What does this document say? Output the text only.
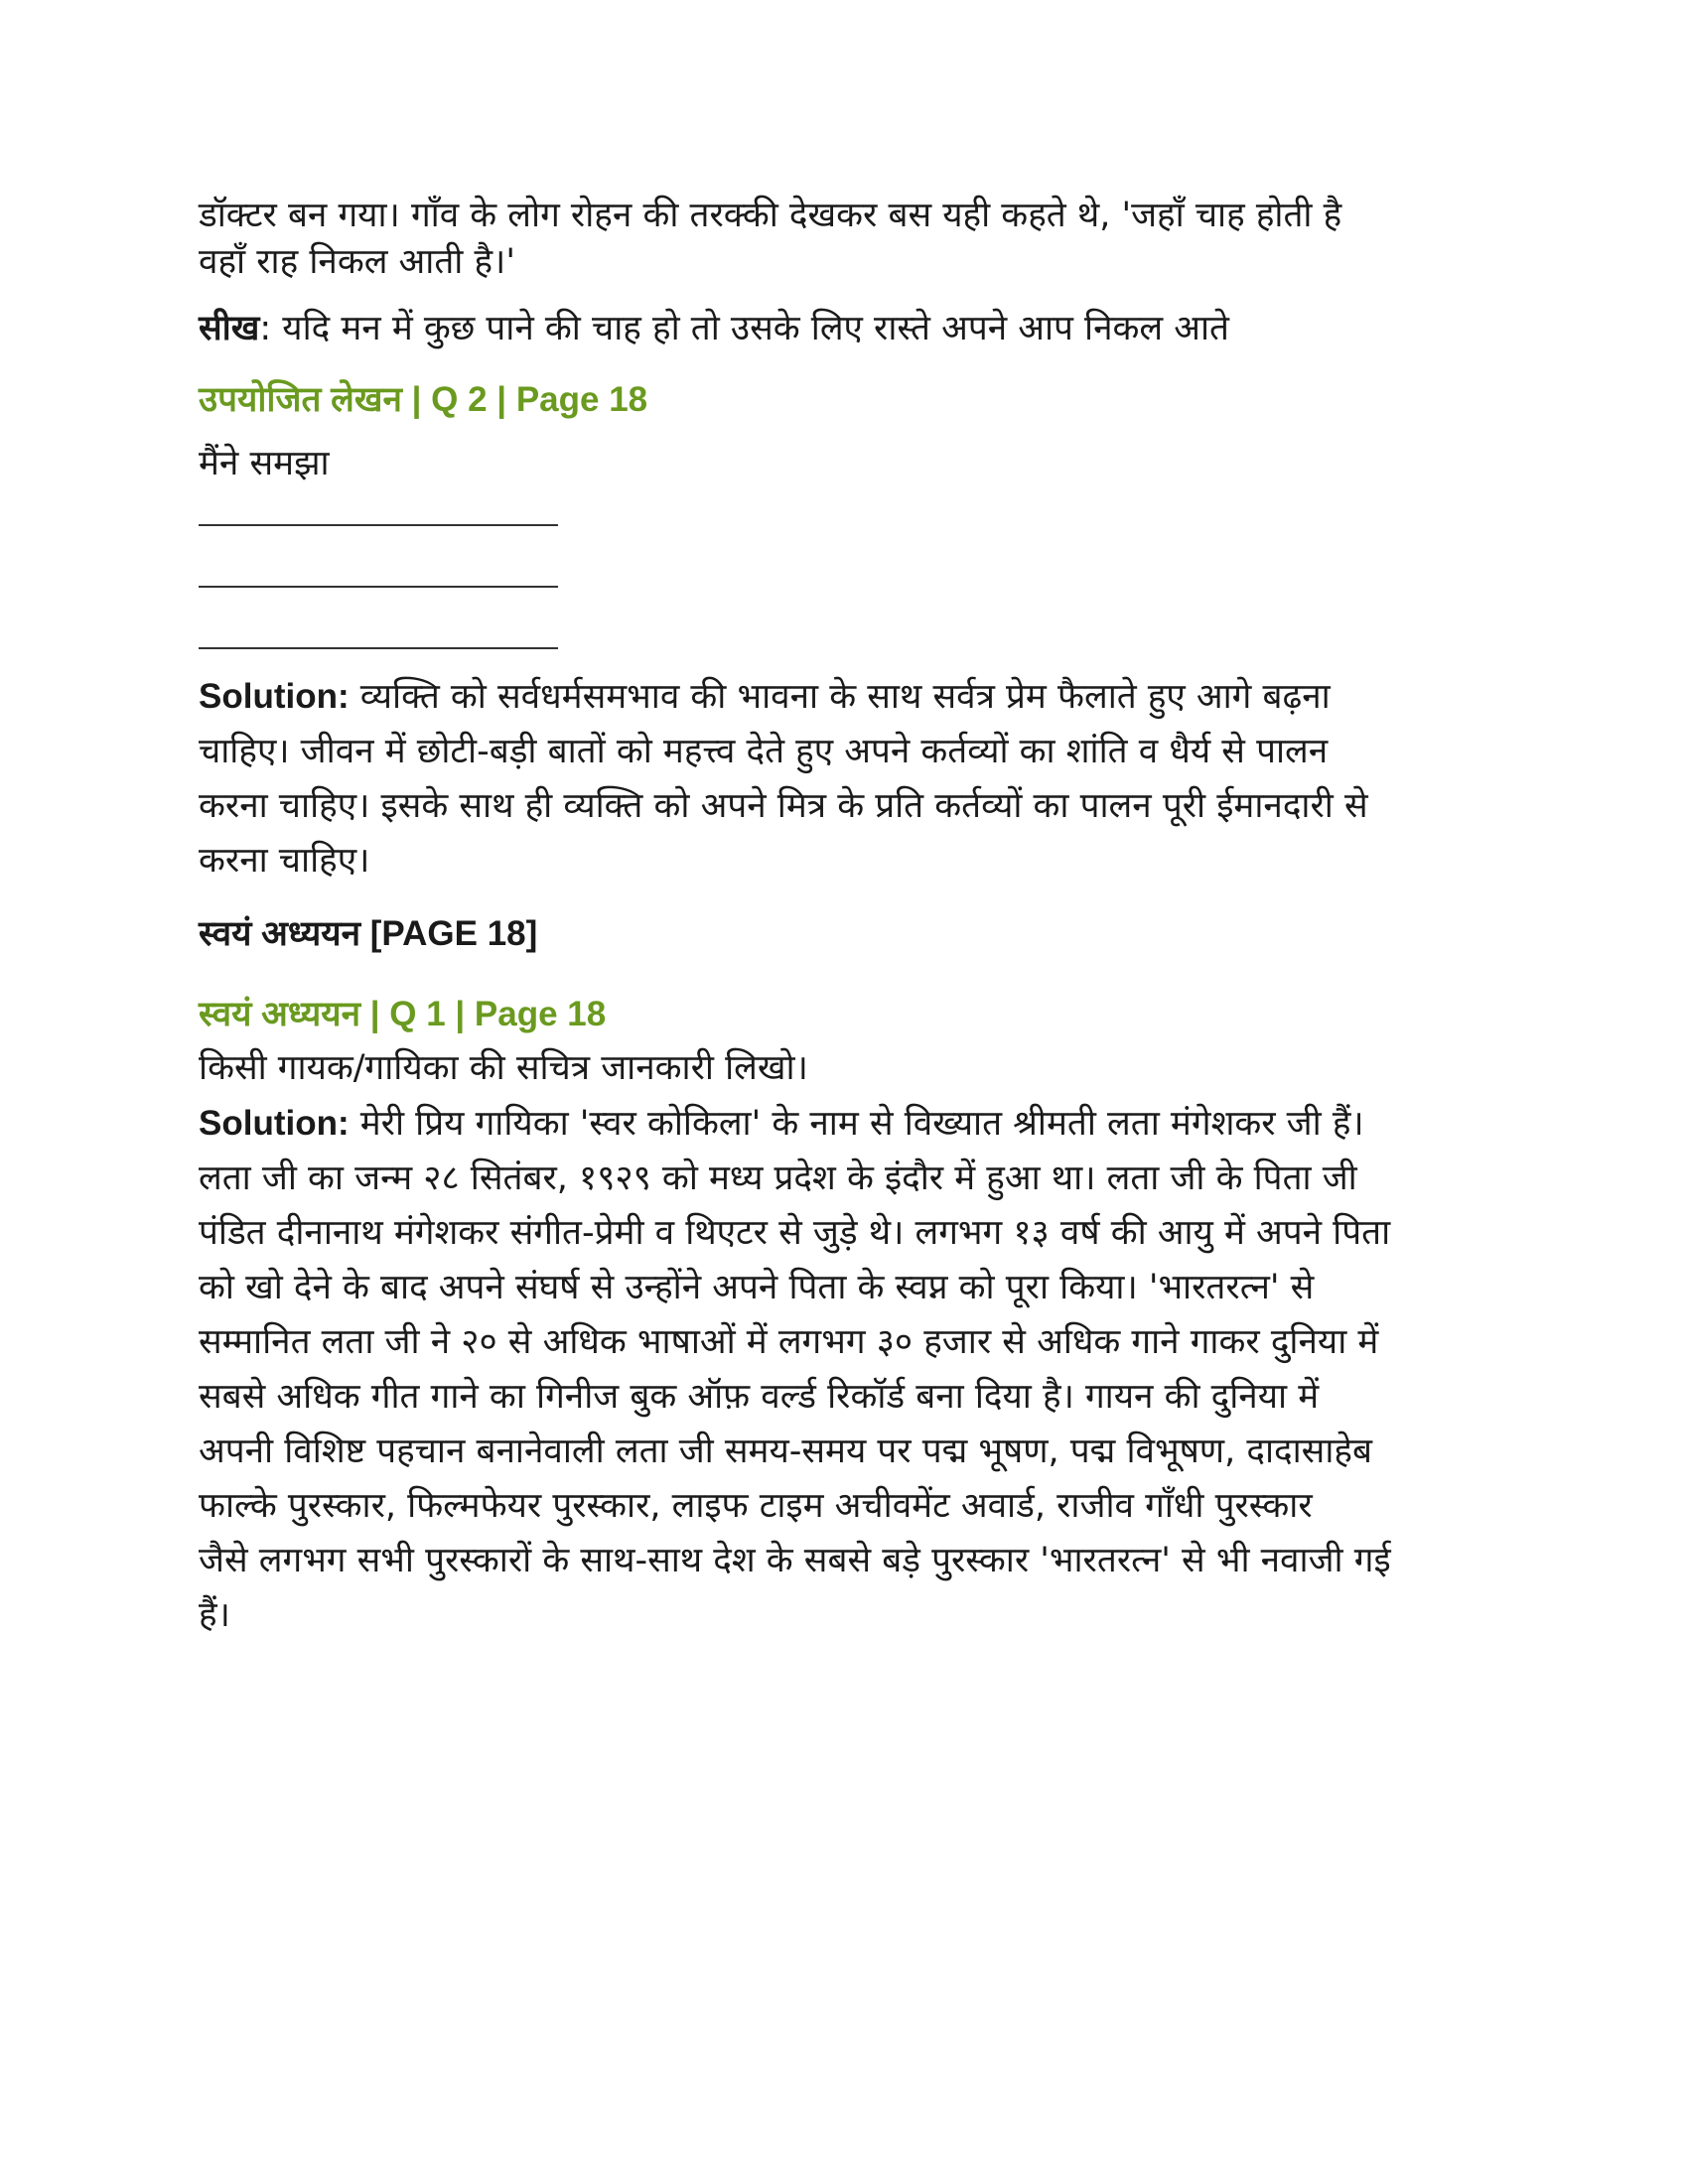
डॉक्टर बन गया। गाँव के लोग रोहन की तरक्की देखकर बस यही कहते थे, 'जहाँ चाह होती है

वहाँ राह निकल आती है।'

सीख: यदि मन में कुछ पाने की चाह हो तो उसके लिए रास्ते अपने आप निकल आते

उपयोजित लेखन | Q 2 | Page 18

मैंने समझा

Solution: व्यक्ति को सर्वधर्मसमभाव की भावना के साथ सर्वत्र प्रेम फैलाते हुए आगे बढ़ना

चाहिए। जीवन में छोटी-बड़ी बातों को महत्त्व देते हुए अपने कर्तव्यों का शांति व धैर्य से पालन

करना चाहिए। इसके साथ ही व्यक्ति को अपने मित्र के प्रति कर्तव्यों का पालन पूरी ईमानदारी से

करना चाहिए।

स्वयं अध्ययन [PAGE 18]

स्वयं अध्ययन | Q 1 | Page 18

किसी गायक/गायिका की सचित्र जानकारी लिखो।

Solution: मेरी प्रिय गायिका 'स्वर कोकिला' के नाम से विख्यात श्रीमती लता मंगेशकर जी हैं।

लता जी का जन्म २८ सितंबर, १९२९ को मध्य प्रदेश के इंदौर में हुआ था। लता जी के पिता जी

पंडित दीनानाथ मंगेशकर संगीत-प्रेमी व थिएटर से जुड़े थे। लगभग १३ वर्ष की आयु में अपने पिता

को खो देने के बाद अपने संघर्ष से उन्होंने अपने पिता के स्वप्न को पूरा किया। 'भारतरत्न' से

सम्मानित लता जी ने २० से अधिक भाषाओं में लगभग ३० हजार से अधिक गाने गाकर दुनिया में

सबसे अधिक गीत गाने का गिनीज बुक ऑफ़ वर्ल्ड रिकॉर्ड बना दिया है। गायन की दुनिया में

अपनी विशिष्ट पहचान बनानेवाली लता जी समय-समय पर पद्म भूषण, पद्म विभूषण, दादासाहेब

फाल्के पुरस्कार, फिल्मफेयर पुरस्कार, लाइफ टाइम अचीवमेंट अवार्ड, राजीव गाँधी पुरस्कार

जैसे लगभग सभी पुरस्कारों के साथ-साथ देश के सबसे बड़े पुरस्कार 'भारतरत्न' से भी नवाजी गई

हैं।
